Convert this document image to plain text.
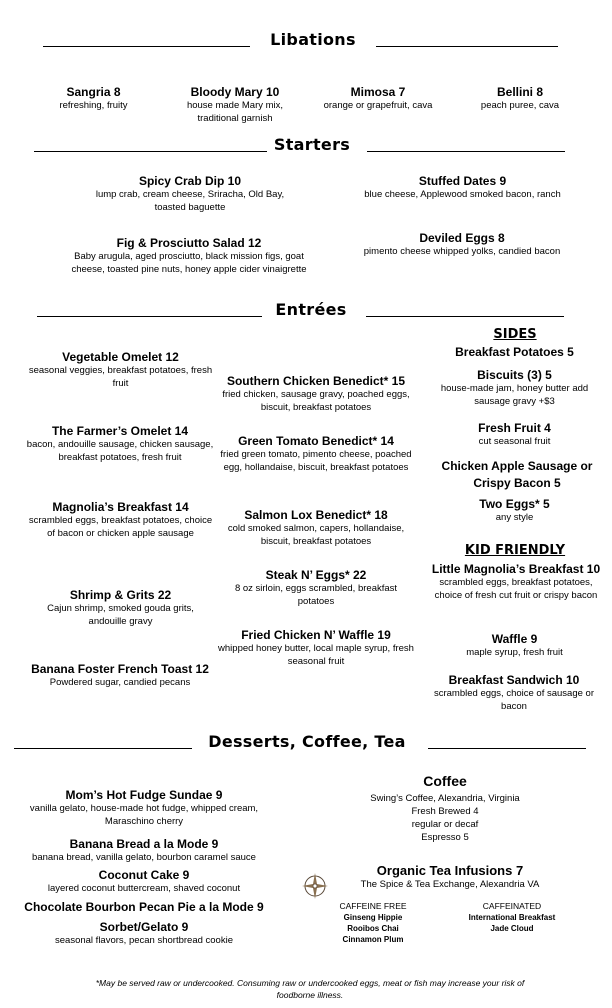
Libations
Sangria 8
refreshing, fruity
Bloody Mary 10
house made Mary mix, traditional garnish
Mimosa 7
orange or grapefruit, cava
Bellini 8
peach puree, cava
Starters
Spicy Crab Dip 10
lump crab, cream cheese, Sriracha, Old Bay, toasted baguette
Stuffed Dates 9
blue cheese, Applewood smoked bacon, ranch
Fig & Prosciutto Salad 12
Baby arugula, aged prosciutto, black mission figs, goat cheese, toasted pine nuts, honey apple cider vinaigrette
Deviled Eggs 8
pimento cheese whipped yolks, candied bacon
Entrées
Vegetable Omelet 12
seasonal veggies, breakfast potatoes, fresh fruit
The Farmer’s Omelet 14
bacon, andouille sausage, chicken sausage, breakfast potatoes, fresh fruit
Magnolia’s Breakfast 14
scrambled eggs, breakfast potatoes, choice of bacon or chicken apple sausage
Shrimp & Grits 22
Cajun shrimp, smoked gouda grits, andouille gravy
Banana Foster French Toast 12
Powdered sugar, candied pecans
Southern Chicken Benedict* 15
fried chicken, sausage gravy, poached eggs, biscuit, breakfast potatoes
Green Tomato Benedict* 14
fried green tomato, pimento cheese, poached egg, hollandaise, biscuit, breakfast potatoes
Salmon Lox Benedict* 18
cold smoked salmon, capers, hollandaise, biscuit, breakfast potatoes
Steak N’ Eggs* 22
8 oz sirloin, eggs scrambled, breakfast potatoes
Fried Chicken N’ Waffle 19
whipped honey butter, local maple syrup, fresh seasonal fruit
SIDES
Breakfast Potatoes 5
Biscuits (3) 5
house-made jam, honey butter add sausage gravy +$3
Fresh Fruit 4
cut seasonal fruit
Chicken Apple Sausage or Crispy Bacon 5
Two Eggs* 5
any style
KID FRIENDLY
Little Magnolia’s Breakfast 10
scrambled eggs, breakfast potatoes, choice of fresh cut fruit or crispy bacon
Waffle 9
maple syrup, fresh fruit
Breakfast Sandwich 10
scrambled eggs, choice of sausage or bacon
Desserts, Coffee, Tea
Mom’s Hot Fudge Sundae 9
vanilla gelato, house-made hot fudge, whipped cream, Maraschino cherry
Banana Bread a la Mode 9
banana bread, vanilla gelato, bourbon caramel sauce
Coconut Cake 9
layered coconut buttercream, shaved coconut
Chocolate Bourbon Pecan Pie a la Mode 9
Sorbet/Gelato 9
seasonal flavors, pecan shortbread cookie
Coffee
Swing’s Coffee, Alexandria, Virginia
Fresh Brewed 4
regular or decaf
Espresso 5
Organic Tea Infusions 7
The Spice & Tea Exchange, Alexandria VA
CAFFEINE FREE
Ginseng Hippie
Rooibos Chai
Cinnamon Plum
CAFFEINATED
International Breakfast
Jade Cloud
*May be served raw or undercooked. Consuming raw or undercooked eggs, meat or fish may increase your risk of foodborne illness.
